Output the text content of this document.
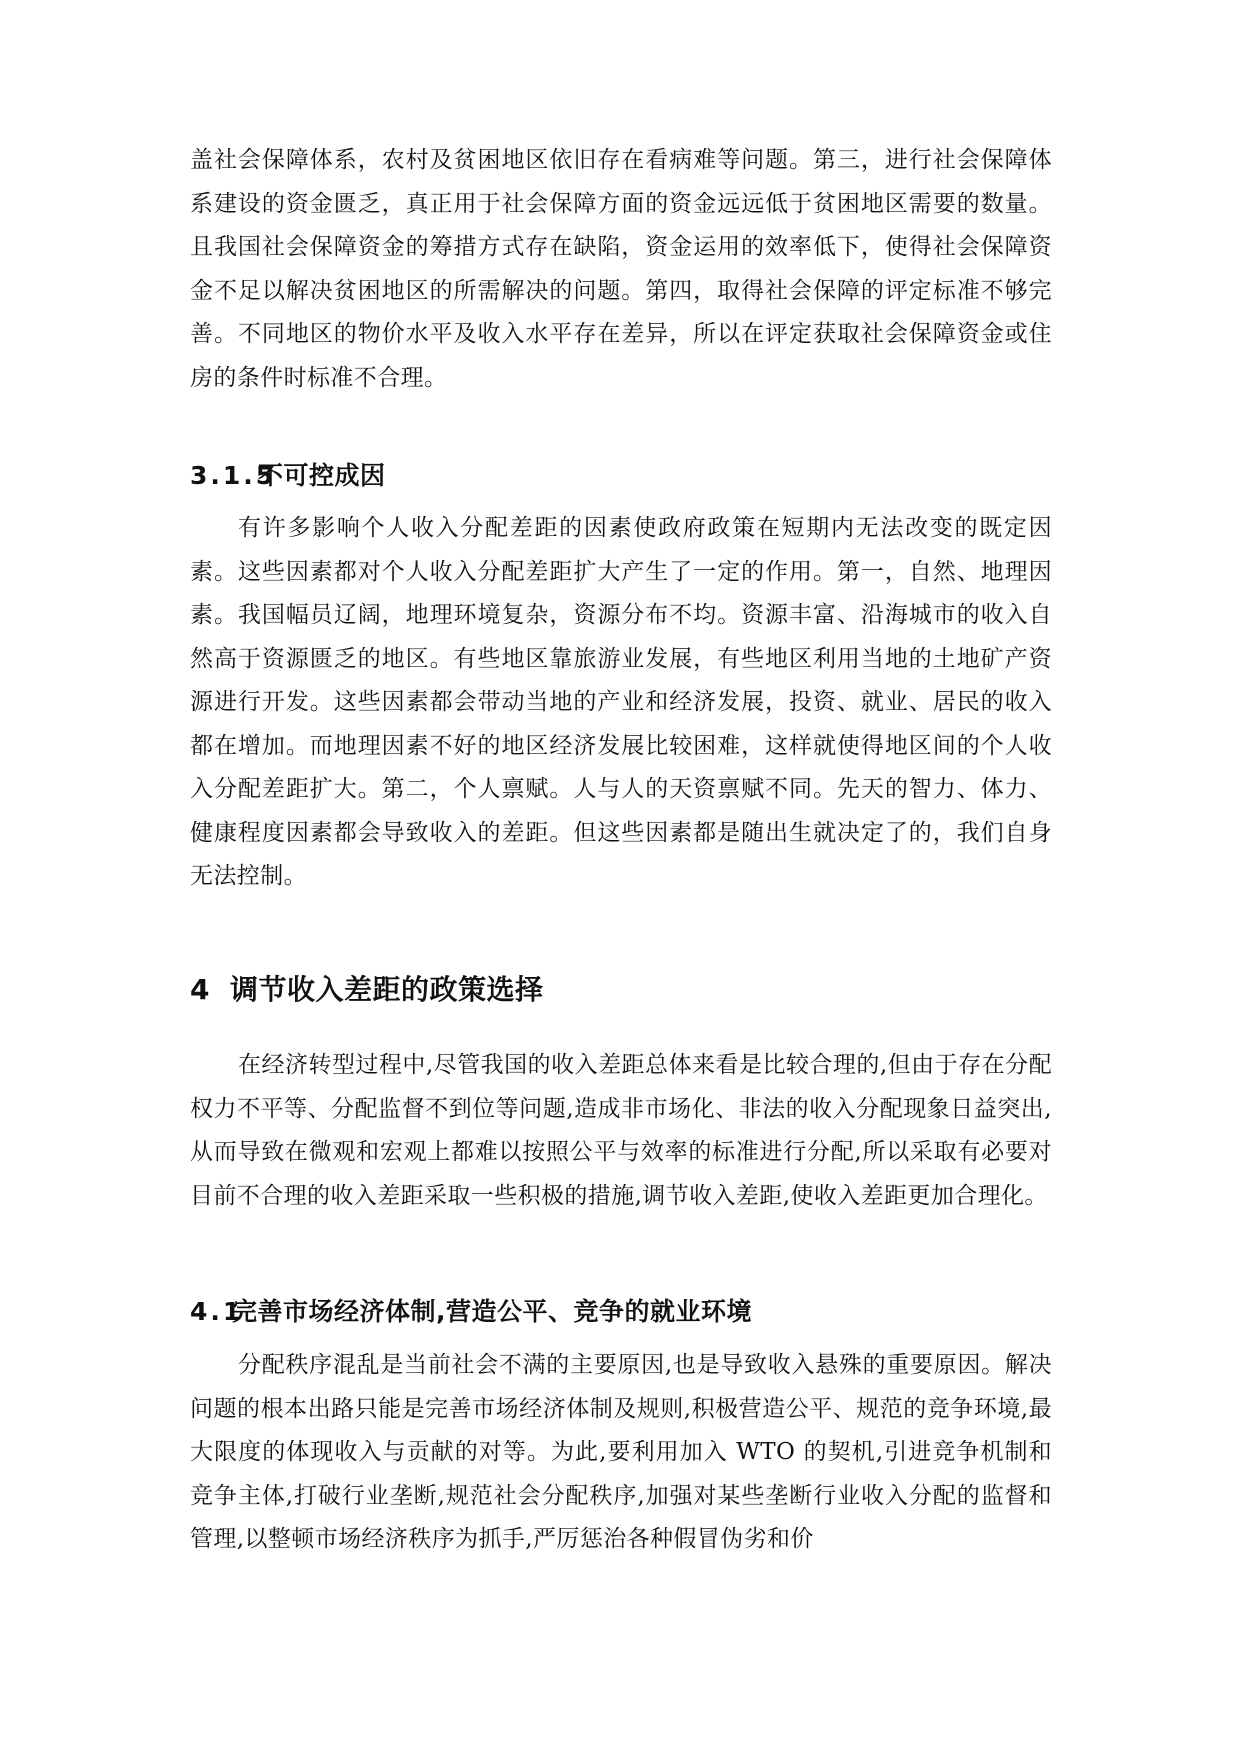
盖社会保障体系，农村及贫困地区依旧存在看病难等问题。第三，进行社会保障体系建设的资金匮乏，真正用于社会保障方面的资金远远低于贫困地区需要的数量。且我国社会保障资金的筹措方式存在缺陷，资金运用的效率低下，使得社会保障资金不足以解决贫困地区的所需解决的问题。第四，取得社会保障的评定标准不够完善。不同地区的物价水平及收入水平存在差异，所以在评定获取社会保障资金或住房的条件时标准不合理。

3.1.5不可控成因

有许多影响个人收入分配差距的因素使政府政策在短期内无法改变的既定因素。这些因素都对个人收入分配差距扩大产生了一定的作用。第一，自然、地理因素。我国幅员辽阔，地理环境复杂，资源分布不均。资源丰富、沿海城市的收入自然高于资源匮乏的地区。有些地区靠旅游业发展，有些地区利用当地的土地矿产资源进行开发。这些因素都会带动当地的产业和经济发展，投资、就业、居民的收入都在增加。而地理因素不好的地区经济发展比较困难，这样就使得地区间的个人收入分配差距扩大。第二，个人禀赋。人与人的天资禀赋不同。先天的智力、体力、健康程度因素都会导致收入的差距。但这些因素都是随出生就决定了的，我们自身无法控制。

4 调节收入差距的政策选择

在经济转型过程中,尽管我国的收入差距总体来看是比较合理的,但由于存在分配权力不平等、分配监督不到位等问题,造成非市场化、非法的收入分配现象日益突出,从而导致在微观和宏观上都难以按照公平与效率的标准进行分配,所以采取有必要对目前不合理的收入差距采取一些积极的措施,调节收入差距,使收入差距更加合理化。

4.1完善市场经济体制,营造公平、竞争的就业环境

分配秩序混乱是当前社会不满的主要原因,也是导致收入悬殊的重要原因。解决问题的根本出路只能是完善市场经济体制及规则,积极营造公平、规范的竞争环境,最大限度的体现收入与贡献的对等。为此,要利用加入 WTO 的契机,引进竞争机制和竞争主体,打破行业垄断,规范社会分配秩序,加强对某些垄断行业收入分配的监督和管理,以整顿市场经济秩序为抓手,严厉惩治各种假冒伪劣和价
